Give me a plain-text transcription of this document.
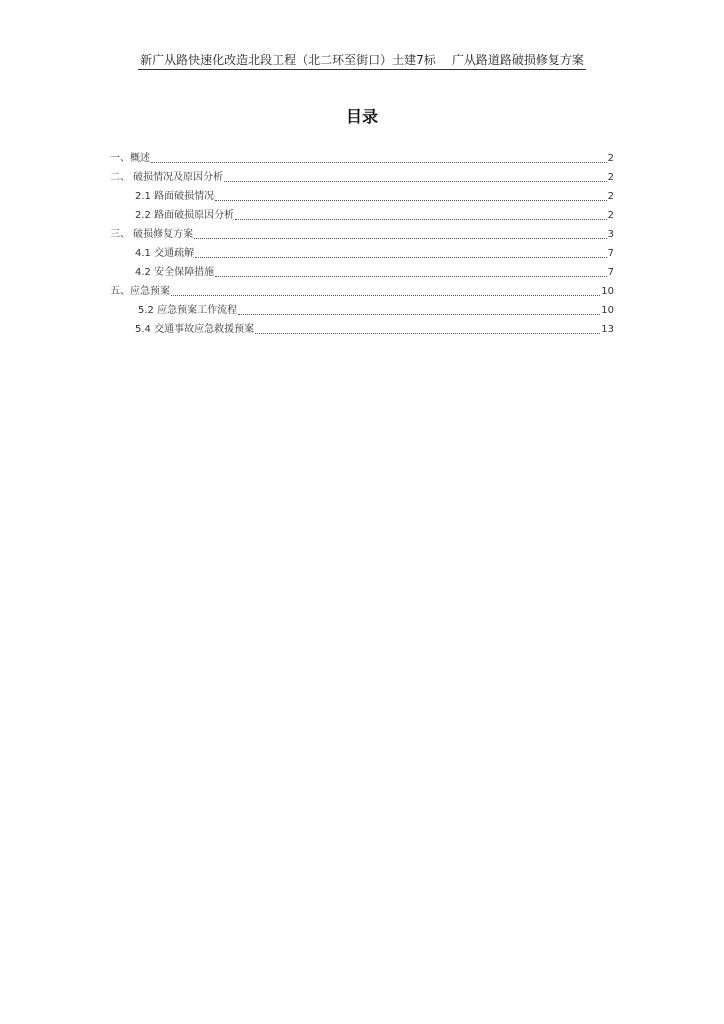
新广从路快速化改造北段工程（北二环至街口）土建7标 广从路道路破损修复方案
目录
一、概述	2
二、 破损情况及原因分析	2
2.1 路面破损情况	2
2.2 路面破损原因分析	2
三、 破损修复方案	3
4.1 交通疏解	7
4.2 安全保障措施	7
五、应急预案	10
5.2 应急预案工作流程	10
5.4 交通事故应急救援预案	13
